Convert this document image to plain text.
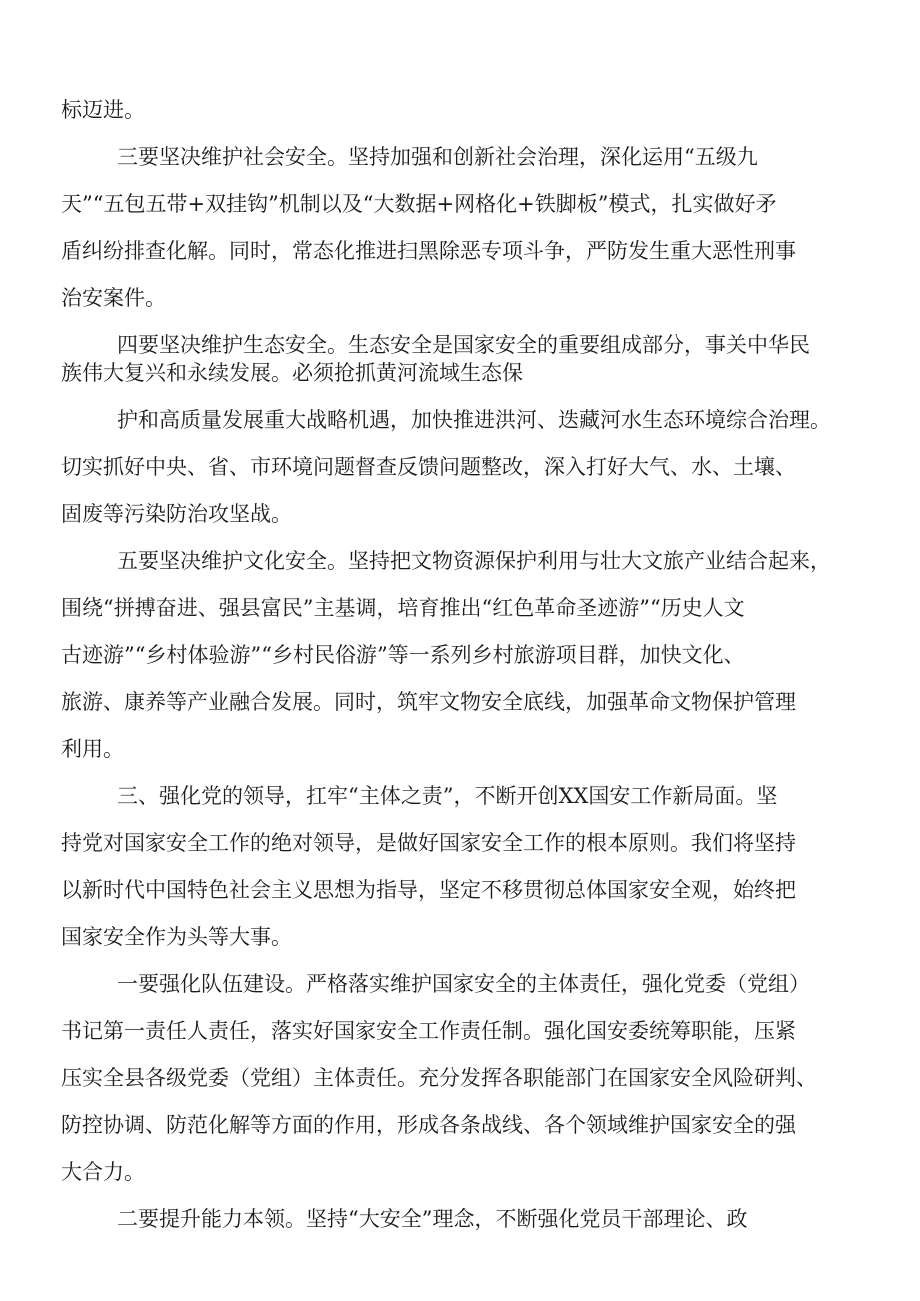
标迈进。

三要坚决维护社会安全。坚持加强和创新社会治理，深化运用“五级九

天”“五包五带+双挂钩”机制以及“大数据+网格化+铁脚板”模式，扎实做好矛

盾纠纷排查化解。同时，常态化推进扫黑除恶专项斗争，严防发生重大恶性刑事

治安案件。

四要坚决维护生态安全。生态安全是国家安全的重要组成部分，事关中华民

族伟大复兴和永续发展。必须抢抓黄河流域生态保

护和高质量发展重大战略机遇，加快推进洪河、迭藏河水生态环境综合治理。

切实抓好中央、省、市环境问题督查反馈问题整改，深入打好大气、水、土壤、

固废等污染防治攻坚战。

五要坚决维护文化安全。坚持把文物资源保护利用与壮大文旅产业结合起来，

围绕“拼搏奋进、强县富民”主基调，培育推出“红色革命圣迹游”“历史人文

古迹游”“乡村体验游”“乡村民俗游”等一系列乡村旅游项目群，加快文化、

旅游、康养等产业融合发展。同时，筑牢文物安全底线，加强革命文物保护管理

利用。

三、强化党的领导，扛牢“主体之责”，不断开创XX国安工作新局面。坚

持党对国家安全工作的绝对领导，是做好国家安全工作的根本原则。我们将坚持

以新时代中国特色社会主义思想为指导，坚定不移贯彻总体国家安全观，始终把

国家安全作为头等大事。

一要强化队伍建设。严格落实维护国家安全的主体责任，强化党委（党组）

书记第一责任人责任，落实好国家安全工作责任制。强化国安委统筹职能，压紧

压实全县各级党委（党组）主体责任。充分发挥各职能部门在国家安全风险研判、

防控协调、防范化解等方面的作用，形成各条战线、各个领域维护国家安全的强

大合力。

二要提升能力本领。坚持“大安全”理念，不断强化党员干部理论、政
